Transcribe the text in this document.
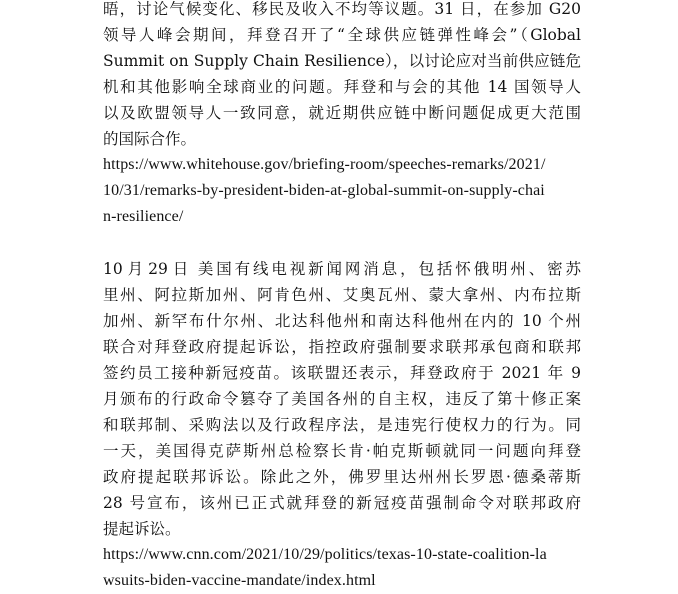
晤，讨论气候变化、移民及收入不均等议题。31 日，在参加 G20
领导人峰会期间，拜登召开了“全球供应链弹性峰会”（Global
Summit on Supply Chain Resilience），以讨论应对当前供应链危
机和其他影响全球商业的问题。拜登和与会的其他 14 国领导人
以及欧盟领导人一致同意，就近期供应链中断问题促成更大范围
的国际合作。
https://www.whitehouse.gov/briefing-room/speeches-remarks/2021/
10/31/remarks-by-president-biden-at-global-summit-on-supply-chai
n-resilience/
10 月 29 日 美国有线电视新闻网消息，包括怀俄明州、密苏
里州、阿拉斯加州、阿肯色州、艾奥瓦州、蒙大拿州、内布拉斯
加州、新罕布什尔州、北达科他州和南达科他州在内的 10 个州
联合对拜登政府提起诉讼，指控政府强制要求联邦承包商和联邦
签约员工接种新冠疫苗。该联盟还表示，拜登政府于 2021 年 9
月颁布的行政命令篡夺了美国各州的自主权，违反了第十修正案
和联邦制、采购法以及行政程序法，是违宪行使权力的行为。同
一天，美国得克萨斯州总检察长肯·帕克斯顿就同一问题向拜登
政府提起联邦诉讼。除此之外，佛罗里达州州长罗恩·德桑蒂斯
28 号宣布，该州已正式就拜登的新冠疫苗强制命令对联邦政府
提起诉讼。
https://www.cnn.com/2021/10/29/politics/texas-10-state-coalition-la
wsuits-biden-vaccine-mandate/index.html
